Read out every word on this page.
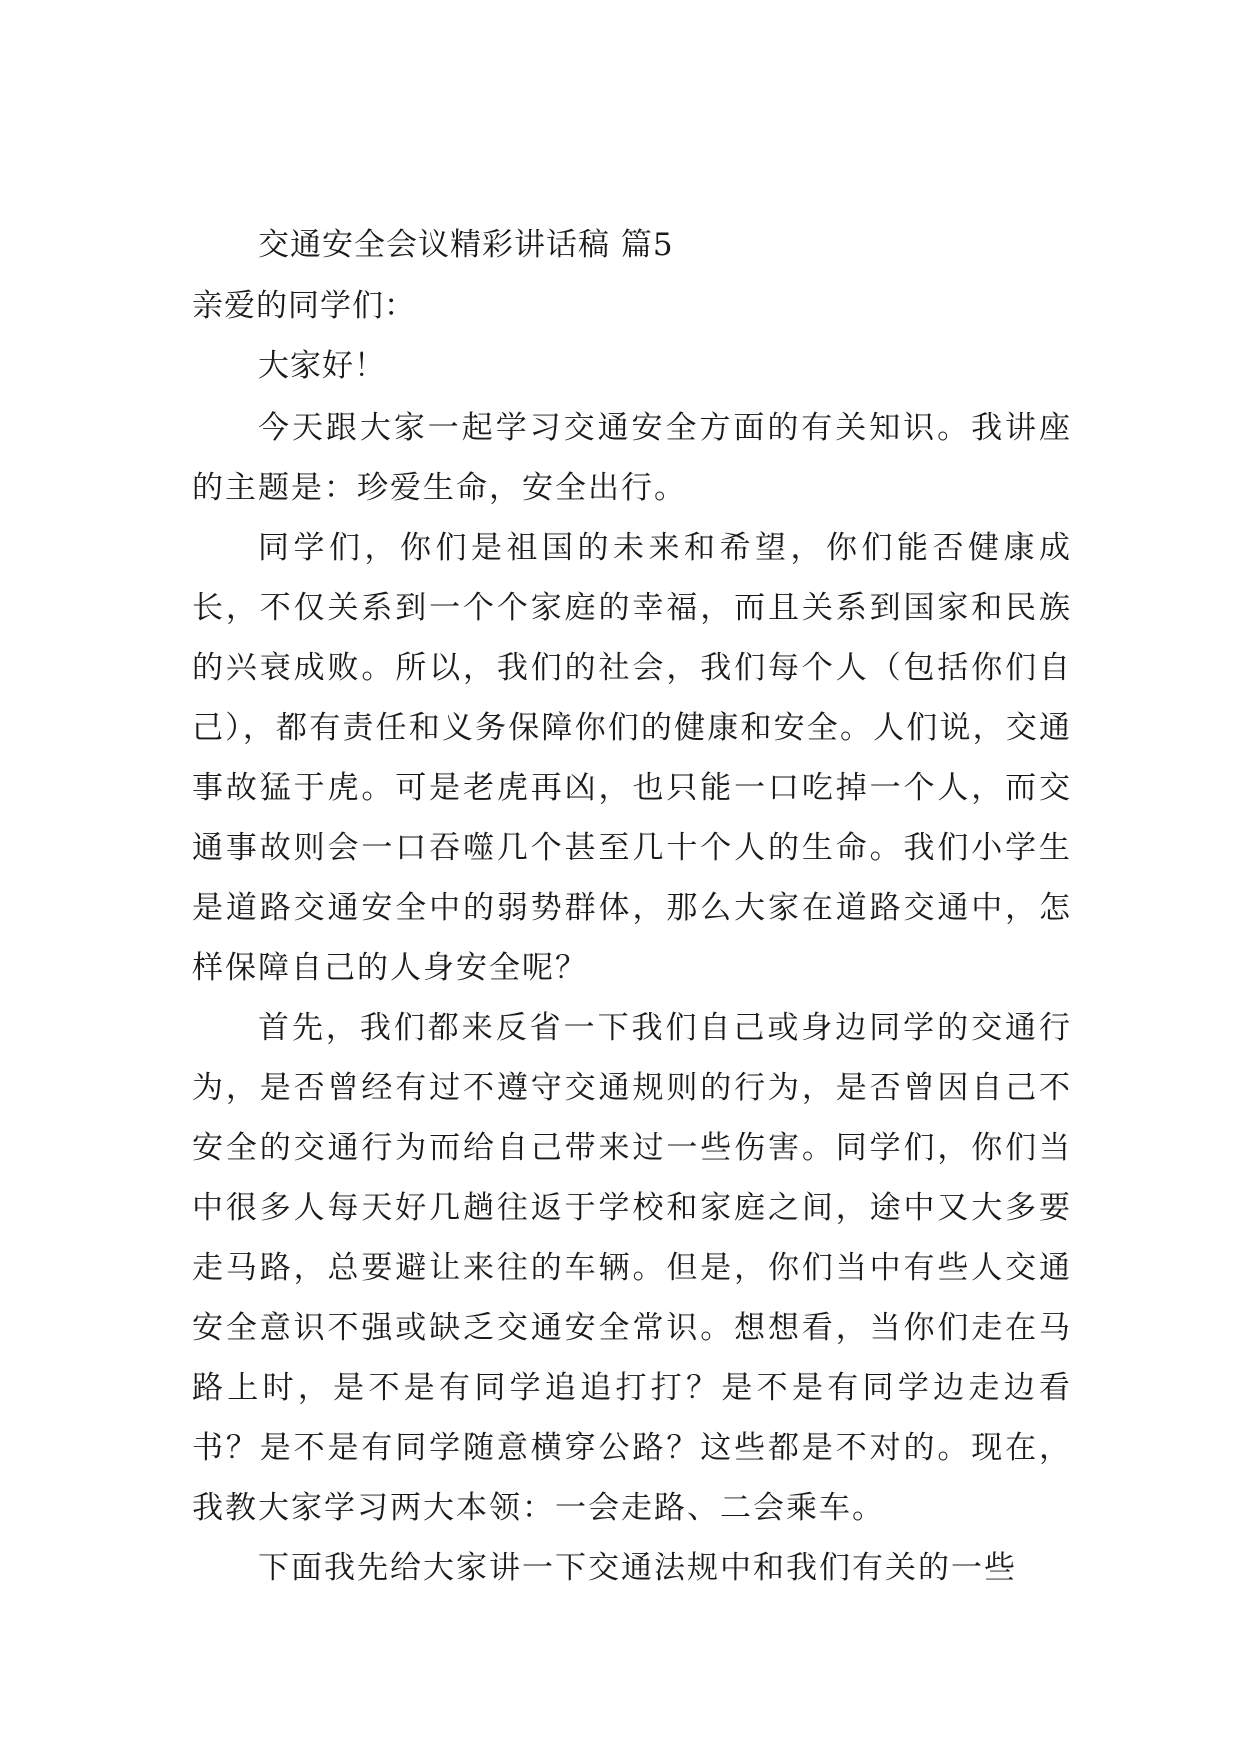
交通安全会议精彩讲话稿 篇5
亲爱的同学们：
大家好！

今天跟大家一起学习交通安全方面的有关知识。我讲座的主题是：珍爱生命，安全出行。

同学们，你们是祖国的未来和希望，你们能否健康成长，不仅关系到一个个家庭的幸福，而且关系到国家和民族的兴衰成败。所以，我们的社会，我们每个人（包括你们自己），都有责任和义务保障你们的健康和安全。人们说，交通事故猛于虎。可是老虎再凶，也只能一口吃掉一个人，而交通事故则会一口吞噬几个甚至几十个人的生命。我们小学生是道路交通安全中的弱势群体，那么大家在道路交通中，怎样保障自己的人身安全呢？

首先，我们都来反省一下我们自己或身边同学的交通行为，是否曾经有过不遵守交通规则的行为，是否曾因自己不安全的交通行为而给自己带来过一些伤害。同学们，你们当中很多人每天好几趟往返于学校和家庭之间，途中又大多要走马路，总要避让来往的车辆。但是，你们当中有些人交通安全意识不强或缺乏交通安全常识。想想看，当你们走在马路上时，是不是有同学追追打打？是不是有同学边走边看书？是不是有同学随意横穿公路？这些都是不对的。现在，我教大家学习两大本领：一会走路、二会乘车。

下面我先给大家讲一下交通法规中和我们有关的一些
